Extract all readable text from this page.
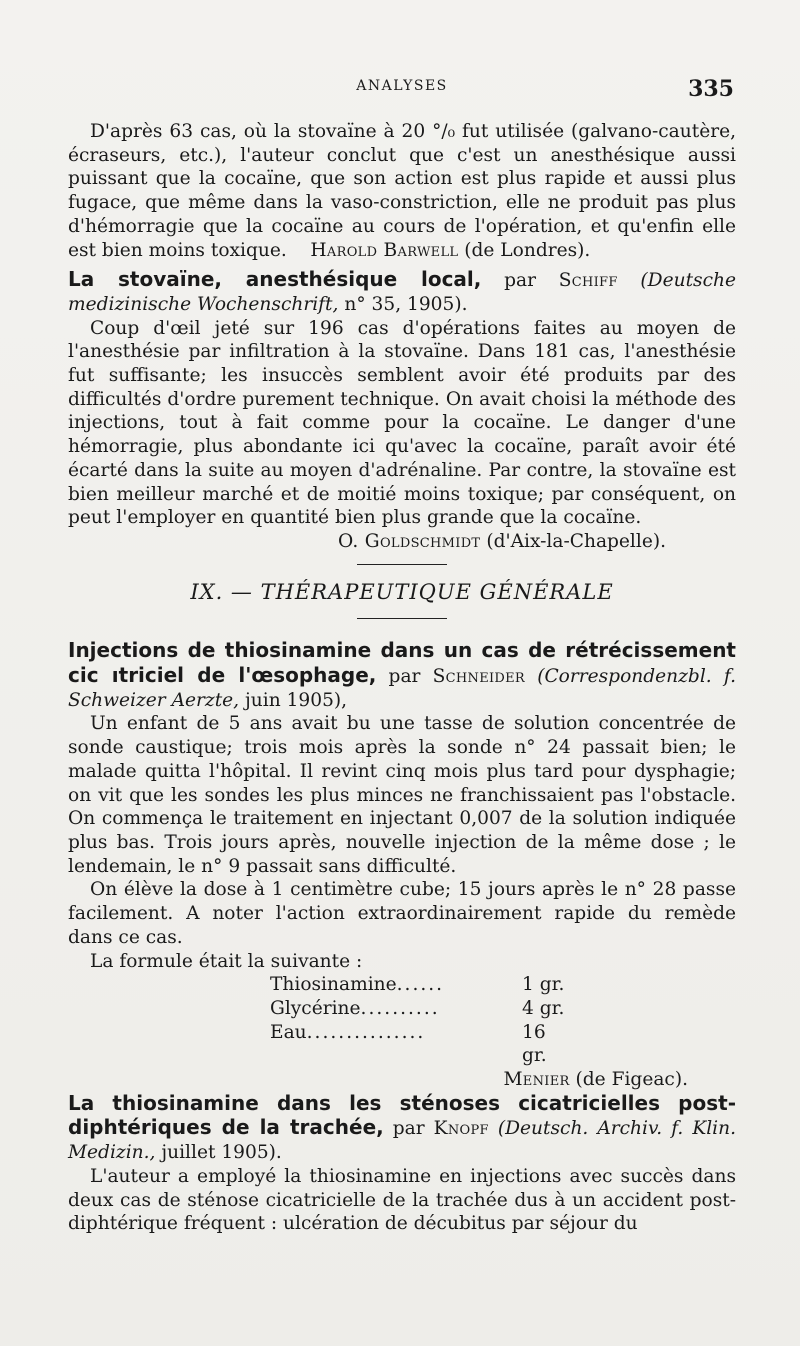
ANALYSES	335

D'après 63 cas, où la stovaïne à 20 °/₀ fut utilisée (galvano-cautère, écraseurs, etc.), l'auteur conclut que c'est un anesthésique aussi puissant que la cocaïne, que son action est plus rapide et aussi plus fugace, que même dans la vaso-constriction, elle ne produit pas plus d'hémorragie que la cocaïne au cours de l'opération, et qu'enfin elle est bien moins toxique. Harold Barwell (de Londres).

La stovaïne, anesthésique local, par Schiff (Deutsche medizinische Wochenschrift, n° 35, 1905).

Coup d'œil jeté sur 196 cas d'opérations faites au moyen de l'anesthésie par infiltration à la stovaïne. Dans 181 cas, l'anesthésie fut suffisante; les insuccès semblent avoir été produits par des difficultés d'ordre purement technique. On avait choisi la méthode des injections, tout à fait comme pour la cocaïne. Le danger d'une hémorragie, plus abondante ici qu'avec la cocaïne, paraît avoir été écarté dans la suite au moyen d'adrénaline. Par contre, la stovaïne est bien meilleur marché et de moitié moins toxique; par conséquent, on peut l'employer en quantité bien plus grande que la cocaïne.

O. Goldschmidt (d'Aix-la-Chapelle).

IX. — THÉRAPEUTIQUE GÉNÉRALE

Injections de thiosinamine dans un cas de rétrécissement cic ıtriciel de l'œsophage, par Schneider (Correspondenzbl. f. Schweizer Aerzte, juin 1905),

Un enfant de 5 ans avait bu une tasse de solution concentrée de sonde caustique; trois mois après la sonde n° 24 passait bien; le malade quitta l'hôpital. Il revint cinq mois plus tard pour dysphagie; on vit que les sondes les plus minces ne franchissaient pas l'obstacle. On commença le traitement en injectant 0,007 de la solution indiquée plus bas. Trois jours après, nouvelle injection de la même dose ; le lendemain, le n° 9 passait sans difficulté.

On élève la dose à 1 centimètre cube; 15 jours après le n° 28 passe facilement. A noter l'action extraordinairement rapide du remède dans ce cas.

La formule était la suivante :

Thiosinamine......	1 gr.
Glycérine..........	4 gr.
Eau...............	16 gr.

Menier (de Figeac).

La thiosinamine dans les sténoses cicatricielles post-diphtériques de la trachée, par Knopf (Deutsch. Archiv. f. Klin. Medizin., juillet 1905).

L'auteur a employé la thiosinamine en injections avec succès dans deux cas de sténose cicatricielle de la trachée dus à un accident post-diphtérique fréquent : ulcération de décubitus par séjour du
